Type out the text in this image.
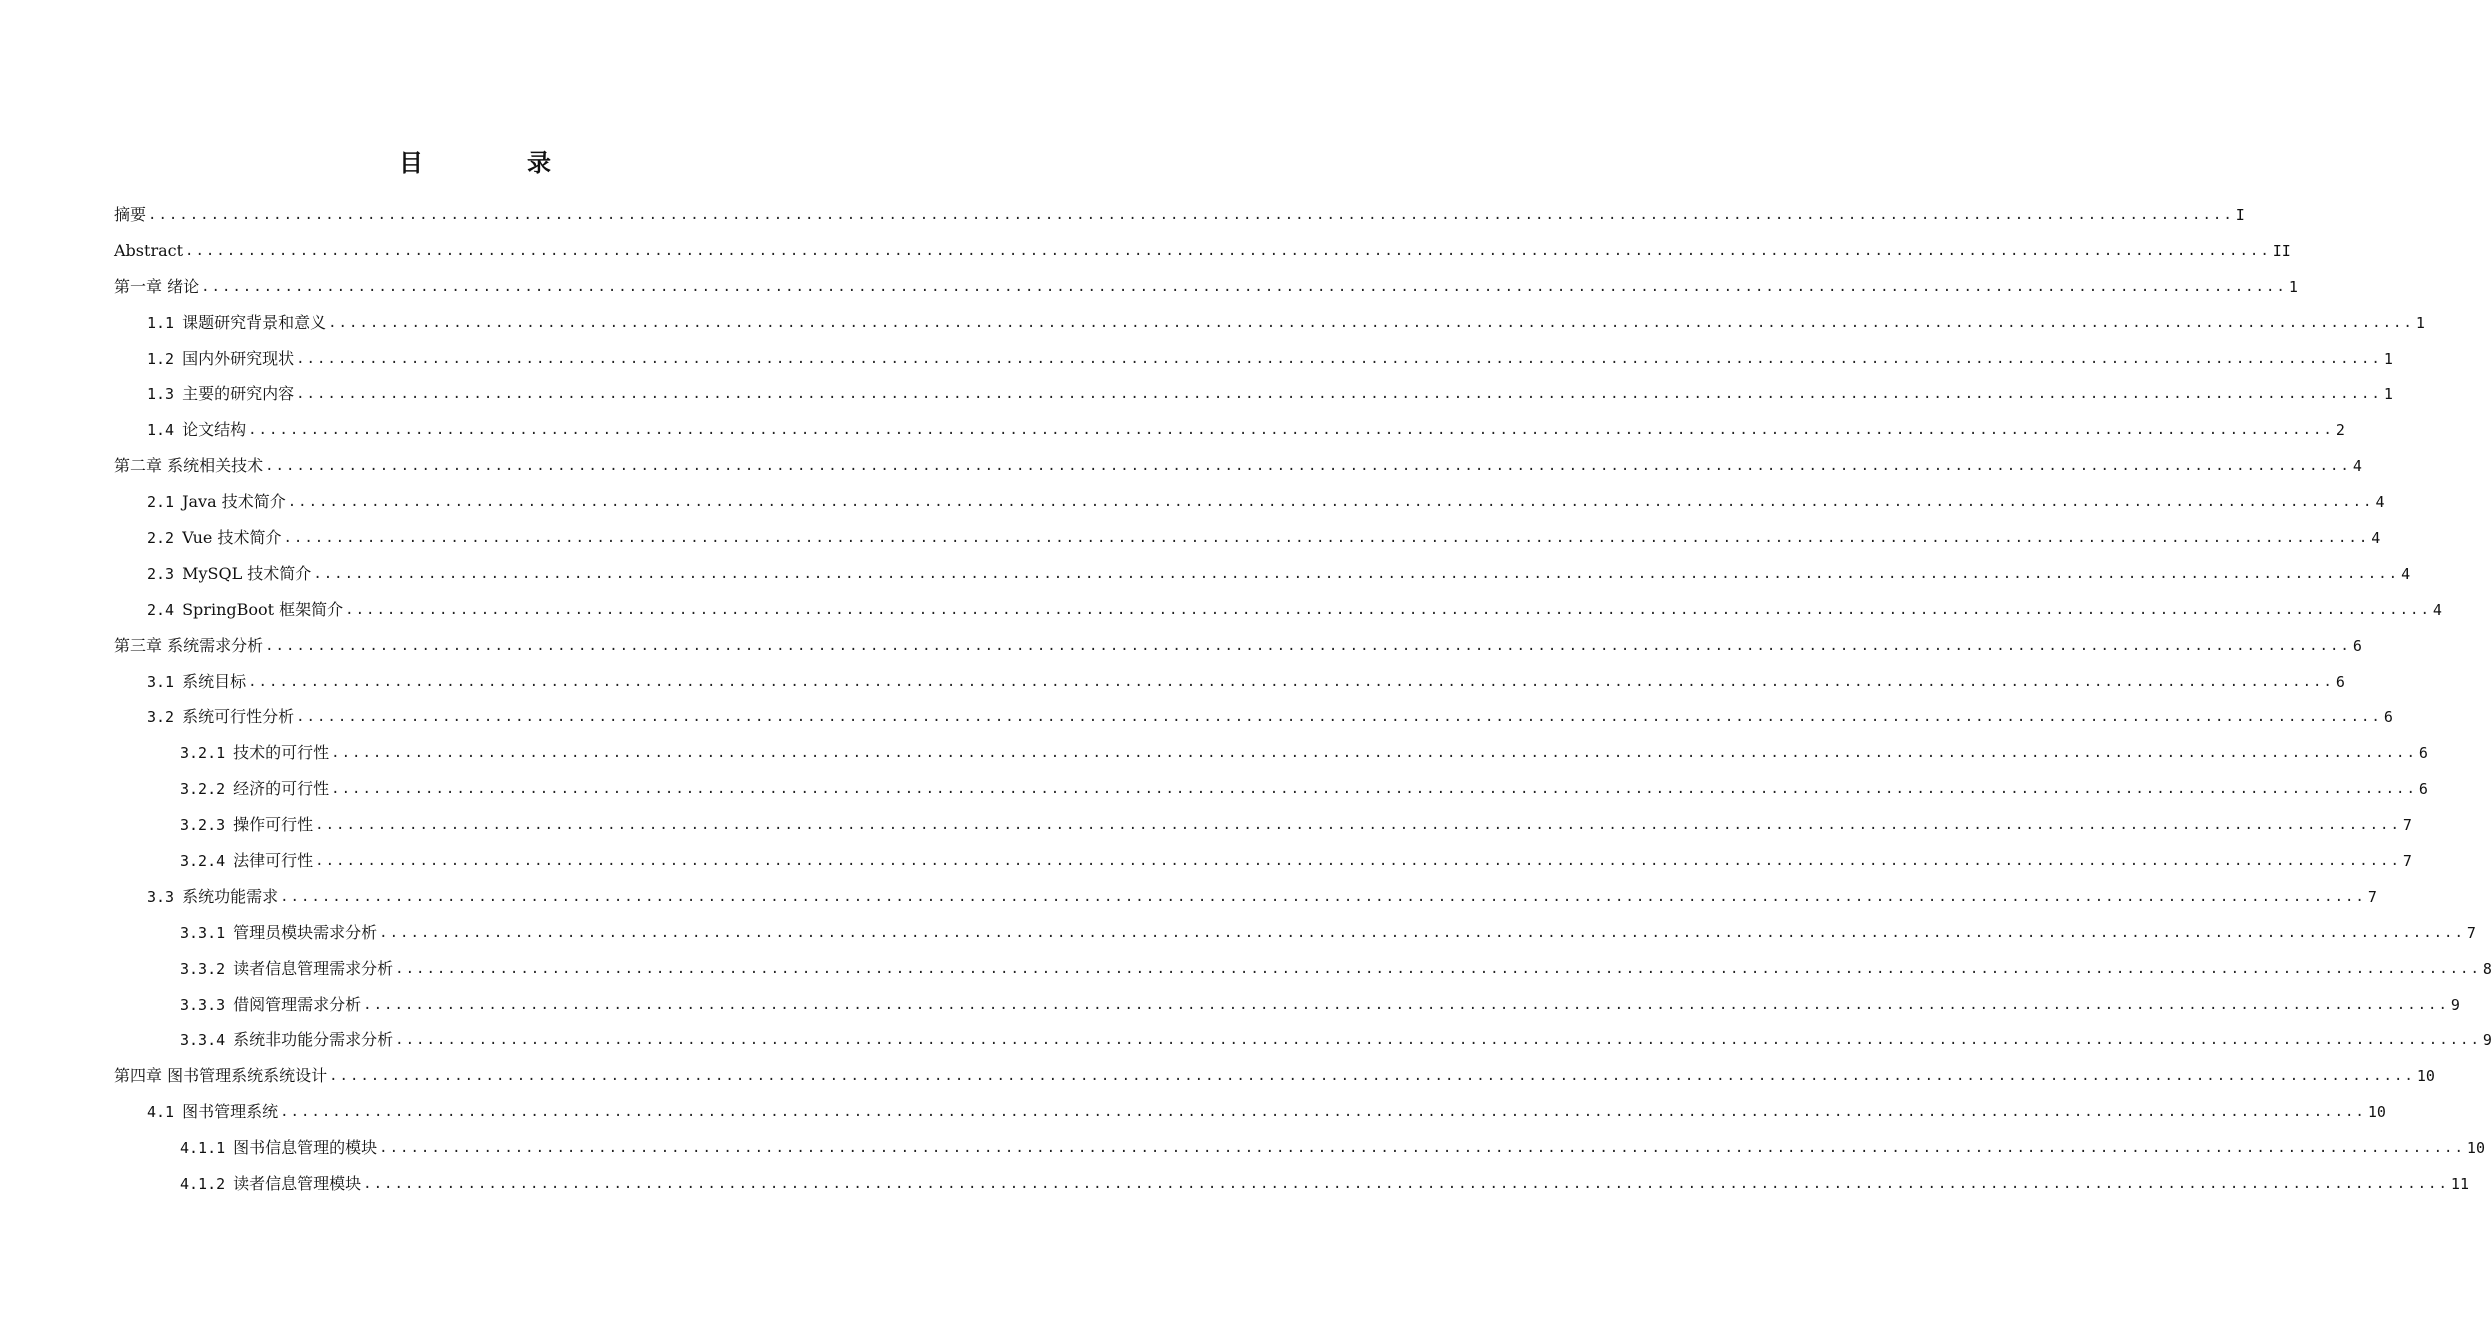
目　录
摘要 ........................................................................................................................................................................................................ I
Abstract ........................................................................................................................................................................................................ II
第一章 绪论 ........................................................................................................................................................................................................ 1
1.1 课题研究背景和意义 ........................................................................................................................................................................................................ 1
1.2 国内外研究现状 ........................................................................................................................................................................................................ 1
1.3 主要的研究内容 ........................................................................................................................................................................................................ 1
1.4 论文结构 ........................................................................................................................................................................................................ 2
第二章 系统相关技术 ........................................................................................................................................................................................................ 4
2.1 Java 技术简介 ........................................................................................................................................................................................................ 4
2.2 Vue 技术简介 ........................................................................................................................................................................................................ 4
2.3 MySQL 技术简介 ........................................................................................................................................................................................................ 4
2.4 SpringBoot 框架简介 ........................................................................................................................................................................................................ 4
第三章 系统需求分析 ........................................................................................................................................................................................................ 6
3.1 系统目标 ........................................................................................................................................................................................................ 6
3.2 系统可行性分析 ........................................................................................................................................................................................................ 6
3.2.1 技术的可行性 ........................................................................................................................................................................................................ 6
3.2.2 经济的可行性 ........................................................................................................................................................................................................ 6
3.2.3 操作可行性 ........................................................................................................................................................................................................ 7
3.2.4 法律可行性 ........................................................................................................................................................................................................ 7
3.3 系统功能需求 ........................................................................................................................................................................................................ 7
3.3.1 管理员模块需求分析 ........................................................................................................................................................................................................ 7
3.3.2 读者信息管理需求分析 ........................................................................................................................................................................................................ 8
3.3.3 借阅管理需求分析 ........................................................................................................................................................................................................ 9
3.3.4 系统非功能分需求分析 ........................................................................................................................................................................................................ 9
第四章 图书管理系统系统设计 ........................................................................................................................................................................................................ 10
4.1 图书管理系统 ........................................................................................................................................................................................................ 10
4.1.1 图书信息管理的模块 ........................................................................................................................................................................................................ 10
4.1.2 读者信息管理模块 ........................................................................................................................................................................................................ 11
